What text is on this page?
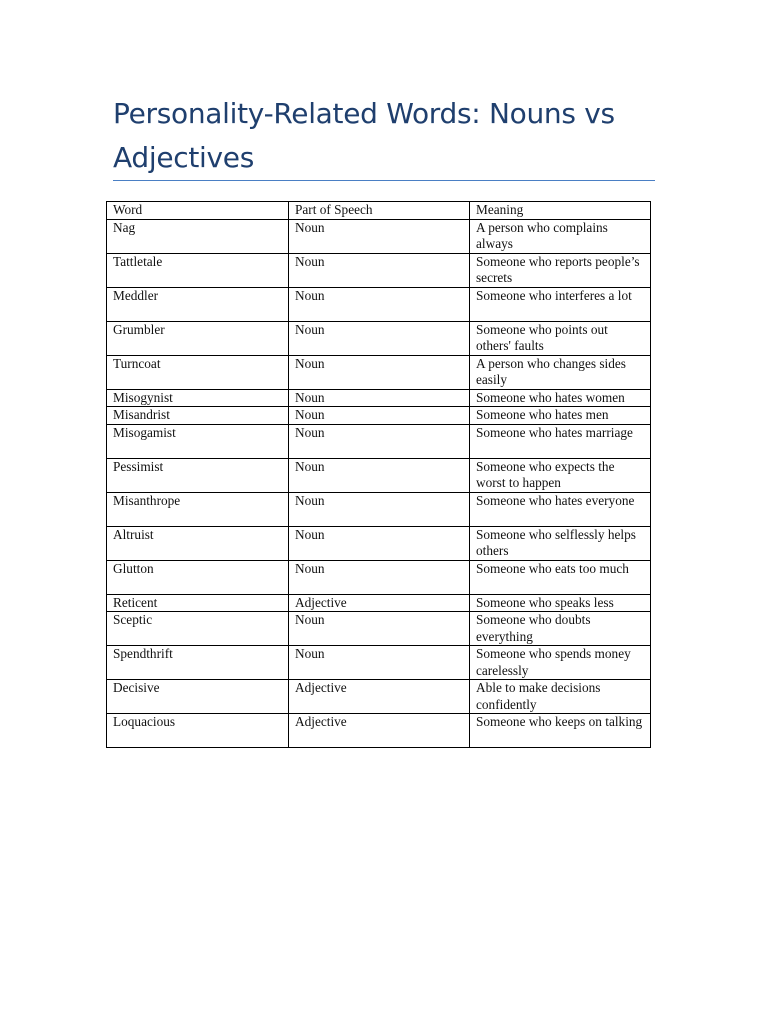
Personality-Related Words: Nouns vs Adjectives
Word	Part of Speech	Meaning
Nag	Noun	A person who complains always
Tattletale	Noun	Someone who reports people’s secrets
Meddler	Noun	Someone who interferes a lot
Grumbler	Noun	Someone who points out others' faults
Turncoat	Noun	A person who changes sides easily
Misogynist	Noun	Someone who hates women
Misandrist	Noun	Someone who hates men
Misogamist	Noun	Someone who hates marriage
Pessimist	Noun	Someone who expects the worst to happen
Misanthrope	Noun	Someone who hates everyone
Altruist	Noun	Someone who selflessly helps others
Glutton	Noun	Someone who eats too much
Reticent	Adjective	Someone who speaks less
Sceptic	Noun	Someone who doubts everything
Spendthrift	Noun	Someone who spends money carelessly
Decisive	Adjective	Able to make decisions confidently
Loquacious	Adjective	Someone who keeps on talking
